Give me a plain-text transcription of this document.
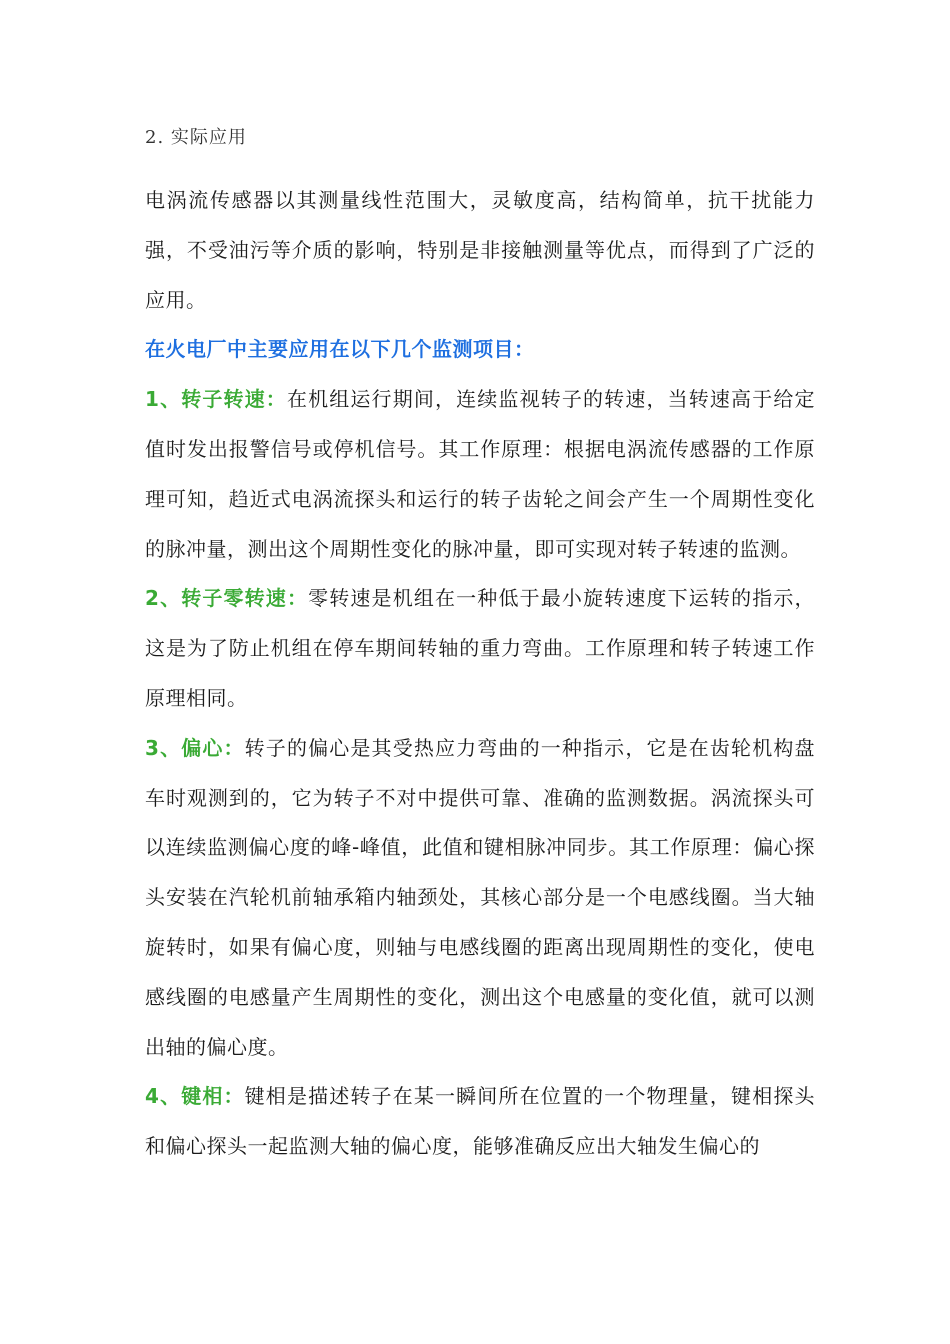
2. 实际应用

电涡流传感器以其测量线性范围大，灵敏度高，结构简单，抗干扰能力强，不受油污等介质的影响，特别是非接触测量等优点，而得到了广泛的应用。

在火电厂中主要应用在以下几个监测项目：

1、转子转速：在机组运行期间，连续监视转子的转速，当转速高于给定值时发出报警信号或停机信号。其工作原理：根据电涡流传感器的工作原理可知，趋近式电涡流探头和运行的转子齿轮之间会产生一个周期性变化的脉冲量，测出这个周期性变化的脉冲量，即可实现对转子转速的监测。

2、转子零转速：零转速是机组在一种低于最小旋转速度下运转的指示，这是为了防止机组在停车期间转轴的重力弯曲。工作原理和转子转速工作原理相同。

3、偏心：转子的偏心是其受热应力弯曲的一种指示，它是在齿轮机构盘车时观测到的，它为转子不对中提供可靠、准确的监测数据。涡流探头可以连续监测偏心度的峰-峰值，此值和键相脉冲同步。其工作原理：偏心探头安装在汽轮机前轴承箱内轴颈处，其核心部分是一个电感线圈。当大轴旋转时，如果有偏心度，则轴与电感线圈的距离出现周期性的变化，使电感线圈的电感量产生周期性的变化，测出这个电感量的变化值，就可以测出轴的偏心度。

4、键相：键相是描述转子在某一瞬间所在位置的一个物理量，键相探头和偏心探头一起监测大轴的偏心度，能够准确反应出大轴发生偏心的
